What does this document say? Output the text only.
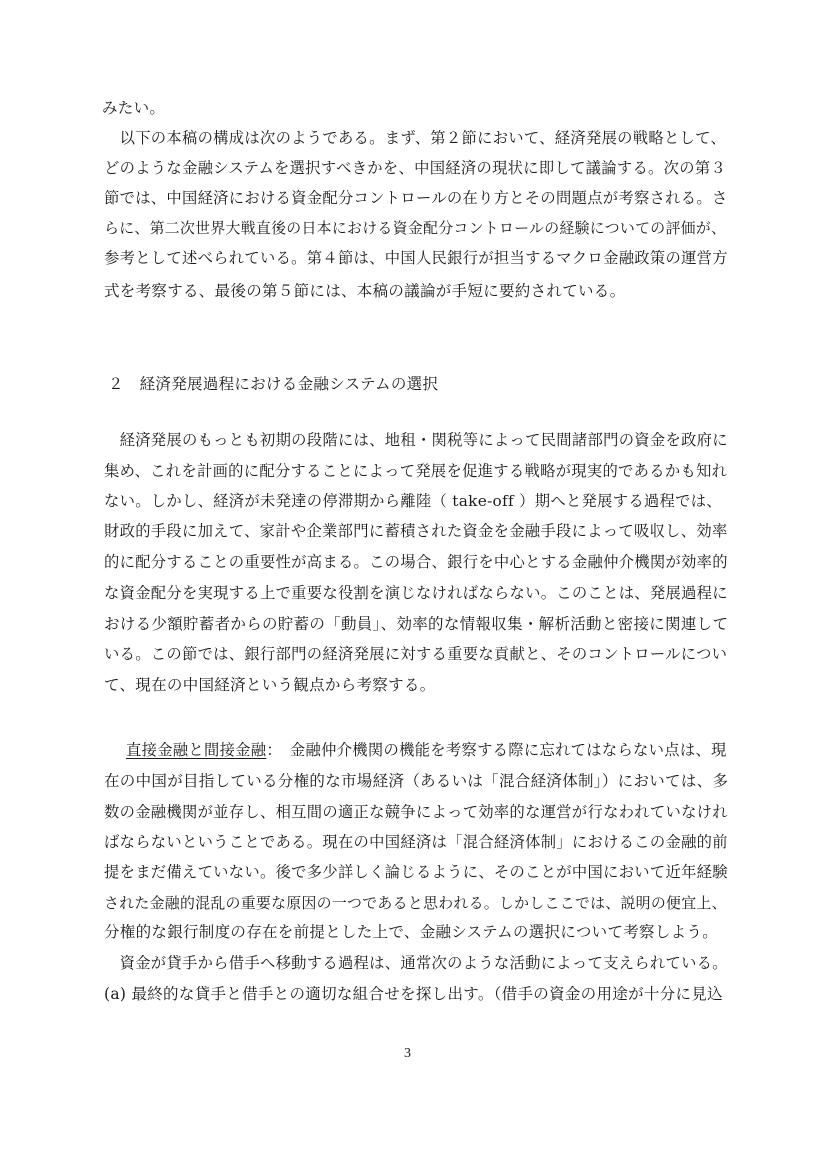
みたい。

　以下の本稿の構成は次のようである。まず、第２節において、経済発展の戦略として、

どのような金融システムを選択すべきかを、中国経済の現状に即して議論する。次の第３

節では、中国経済における資金配分コントロールの在り方とその問題点が考察される。さ

らに、第二次世界大戦直後の日本における資金配分コントロールの経験についての評価が、

参考として述べられている。第４節は、中国人民銀行が担当するマクロ金融政策の運営方

式を考察する、最後の第５節には、本稿の議論が手短に要約されている。

２　経済発展過程における金融システムの選択

　経済発展のもっとも初期の段階には、地租・関税等によって民間諸部門の資金を政府に

集め、これを計画的に配分することによって発展を促進する戦略が現実的であるかも知れ

ない。しかし、経済が未発達の停滞期から離陸（ take-off ）期へと発展する過程では、

財政的手段に加えて、家計や企業部門に蓄積された資金を金融手段によって吸収し、効率

的に配分することの重要性が高まる。この場合、銀行を中心とする金融仲介機関が効率的

な資金配分を実現する上で重要な役割を演じなければならない。このことは、発展過程に

おける少額貯蓄者からの貯蓄の「動員」、効率的な情報収集・解析活動と密接に関連して

いる。この節では、銀行部門の経済発展に対する重要な貢献と、そのコントロールについ

て、現在の中国経済という観点から考察する。

直接金融と間接金融：　金融仲介機関の機能を考察する際に忘れてはならない点は、現

在の中国が目指している分権的な市場経済（あるいは「混合経済体制」）においては、多

数の金融機関が並存し、相互間の適正な競争によって効率的な運営が行なわれていなけれ

ばならないということである。現在の中国経済は「混合経済体制」におけるこの金融的前

提をまだ備えていない。後で多少詳しく論じるように、そのことが中国において近年経験

された金融的混乱の重要な原因の一つであると思われる。しかしここでは、説明の便宜上、

分権的な銀行制度の存在を前提とした上で、金融システムの選択について考察しよう。

　資金が貸手から借手へ移動する過程は、通常次のような活動によって支えられている。

(a) 最終的な貸手と借手との適切な組合せを探し出す。（借手の資金の用途が十分に見込

3
